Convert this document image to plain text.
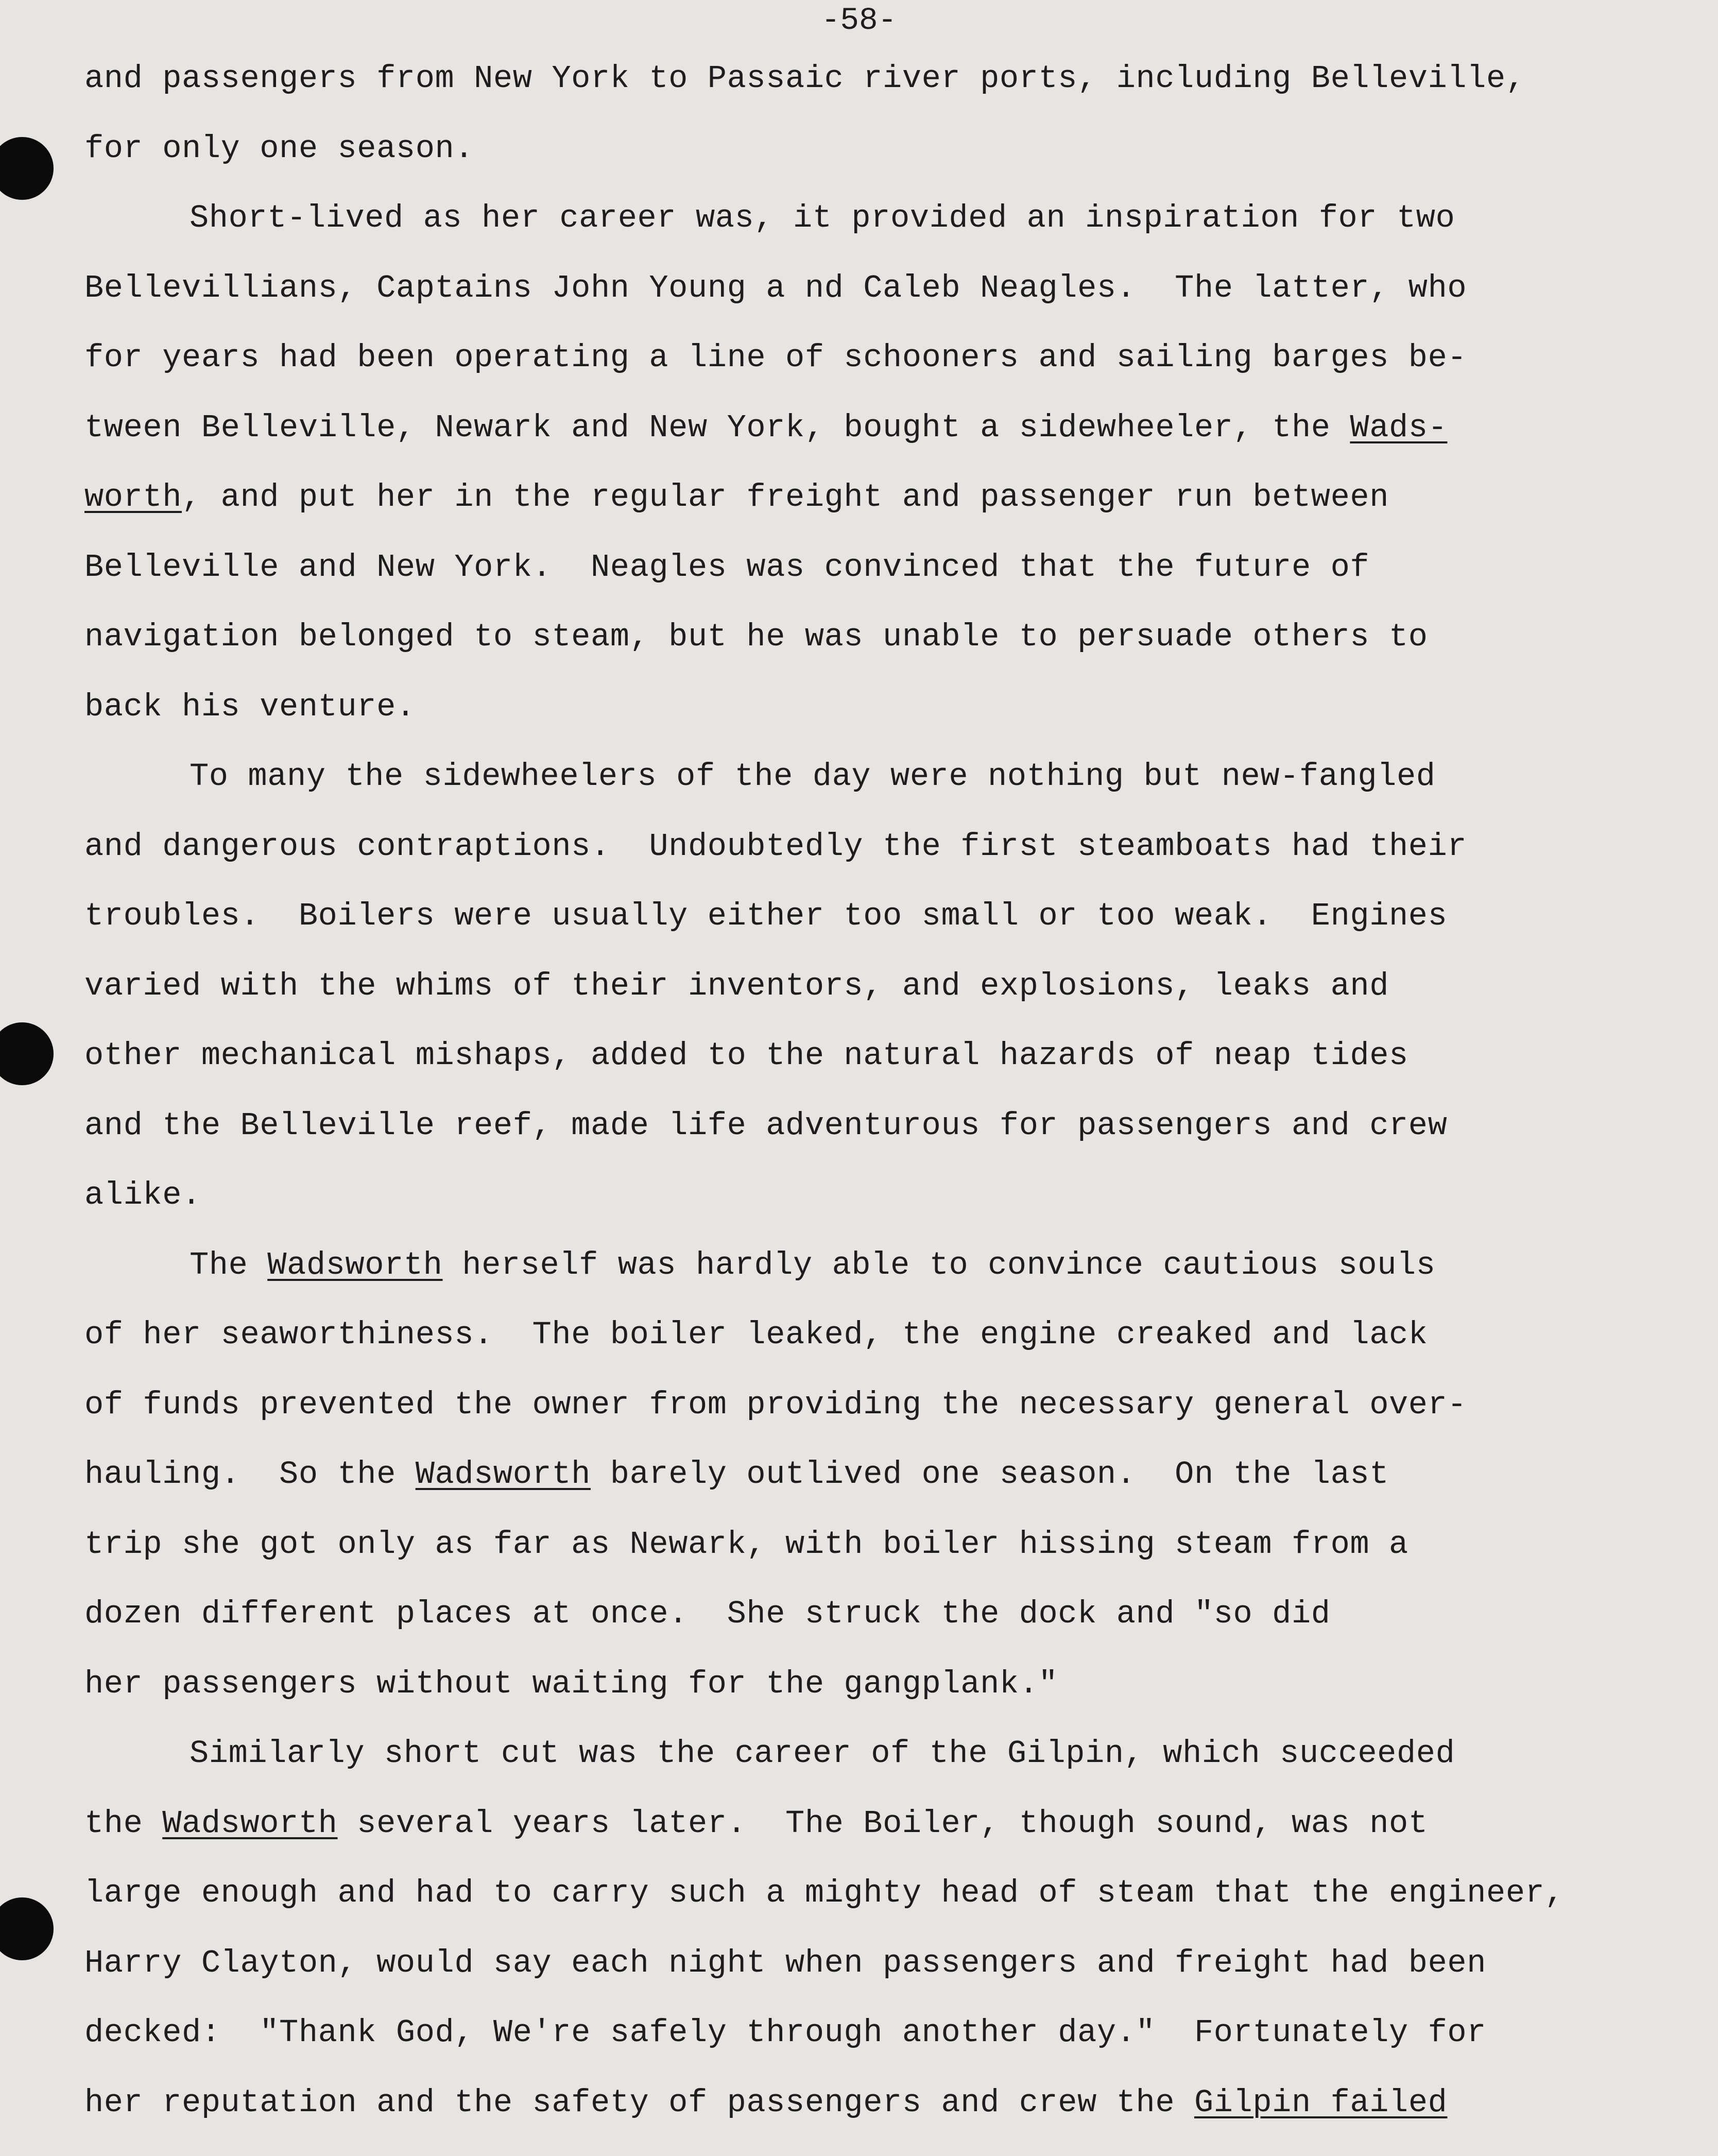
-58-
and passengers from New York to Passaic river ports, including Belleville,
for only one season.
Short-lived as her career was, it provided an inspiration for two
Bellevillians, Captains John Young a nd Caleb Neagles.  The latter, who
for years had been operating a line of schooners and sailing barges be-
tween Belleville, Newark and New York, bought a sidewheeler, the Wads-
worth, and put her in the regular freight and passenger run between
Belleville and New York.  Neagles was convinced that the future of
navigation belonged to steam, but he was unable to persuade others to
back his venture.
To many the sidewheelers of the day were nothing but new-fangled
and dangerous contraptions.  Undoubtedly the first steamboats had their
troubles.  Boilers were usually either too small or too weak.  Engines
varied with the whims of their inventors, and explosions, leaks and
other mechanical mishaps, added to the natural hazards of neap tides
and the Belleville reef, made life adventurous for passengers and crew
alike.
The Wadsworth herself was hardly able to convince cautious souls
of her seaworthiness.  The boiler leaked, the engine creaked and lack
of funds prevented the owner from providing the necessary general over-
hauling.  So the Wadsworth barely outlived one season.  On the last
trip she got only as far as Newark, with boiler hissing steam from a
dozen different places at once.  She struck the dock and "so did
her passengers without waiting for the gangplank."
Similarly short cut was the career of the Gilpin, which succeeded
the Wadsworth several years later.  The Boiler, though sound, was not
large enough and had to carry such a mighty head of steam that the engineer,
Harry Clayton, would say each night when passengers and freight had been
decked:  "Thank God, We're safely through another day."  Fortunately for
her reputation and the safety of passengers and crew the Gilpin failed
